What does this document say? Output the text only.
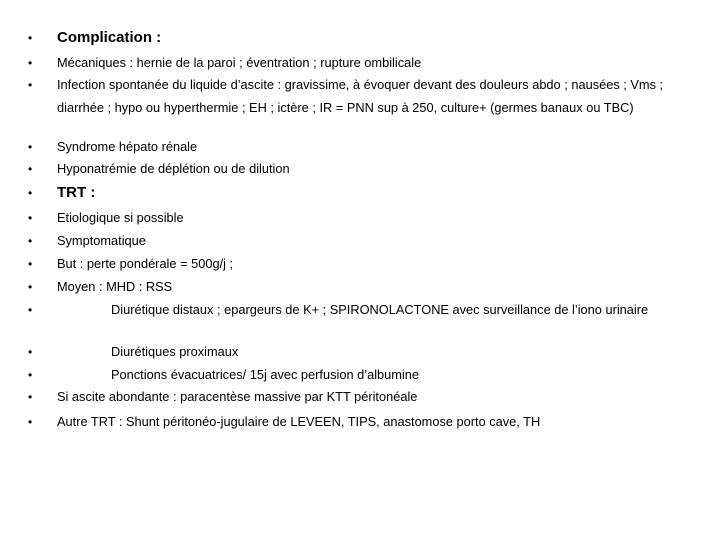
•	Complication :
•	Mécaniques : hernie de la paroi ; éventration ; rupture ombilicale
•	Infection spontanée du liquide d’ascite : gravissime, à évoquer devant des douleurs abdo ; nausées ; Vms ; diarrhée ; hypo ou hyperthermie ; EH ; ictère ; IR = PNN sup à 250, culture+ (germes banaux ou TBC)
•	Syndrome hépato rénale
•	Hyponatrémie de déplétion ou de dilution
•	TRT :
•	Etiologique si possible
•	Symptomatique
•	But : perte pondérale = 500g/j ;
•	Moyen : MHD : RSS
•	Diurétique distaux ; epargeurs de K+ ; SPIRONOLACTONE avec surveillance de l’iono urinaire
•	Diurétiques proximaux
•	Ponctions évacuatrices/ 15j avec perfusion d’albumine
•	Si ascite abondante : paracentèse massive par KTT péritonéale
•	Autre TRT : Shunt péritonéo-jugulaire de LEVEEN, TIPS, anastomose porto cave, TH
